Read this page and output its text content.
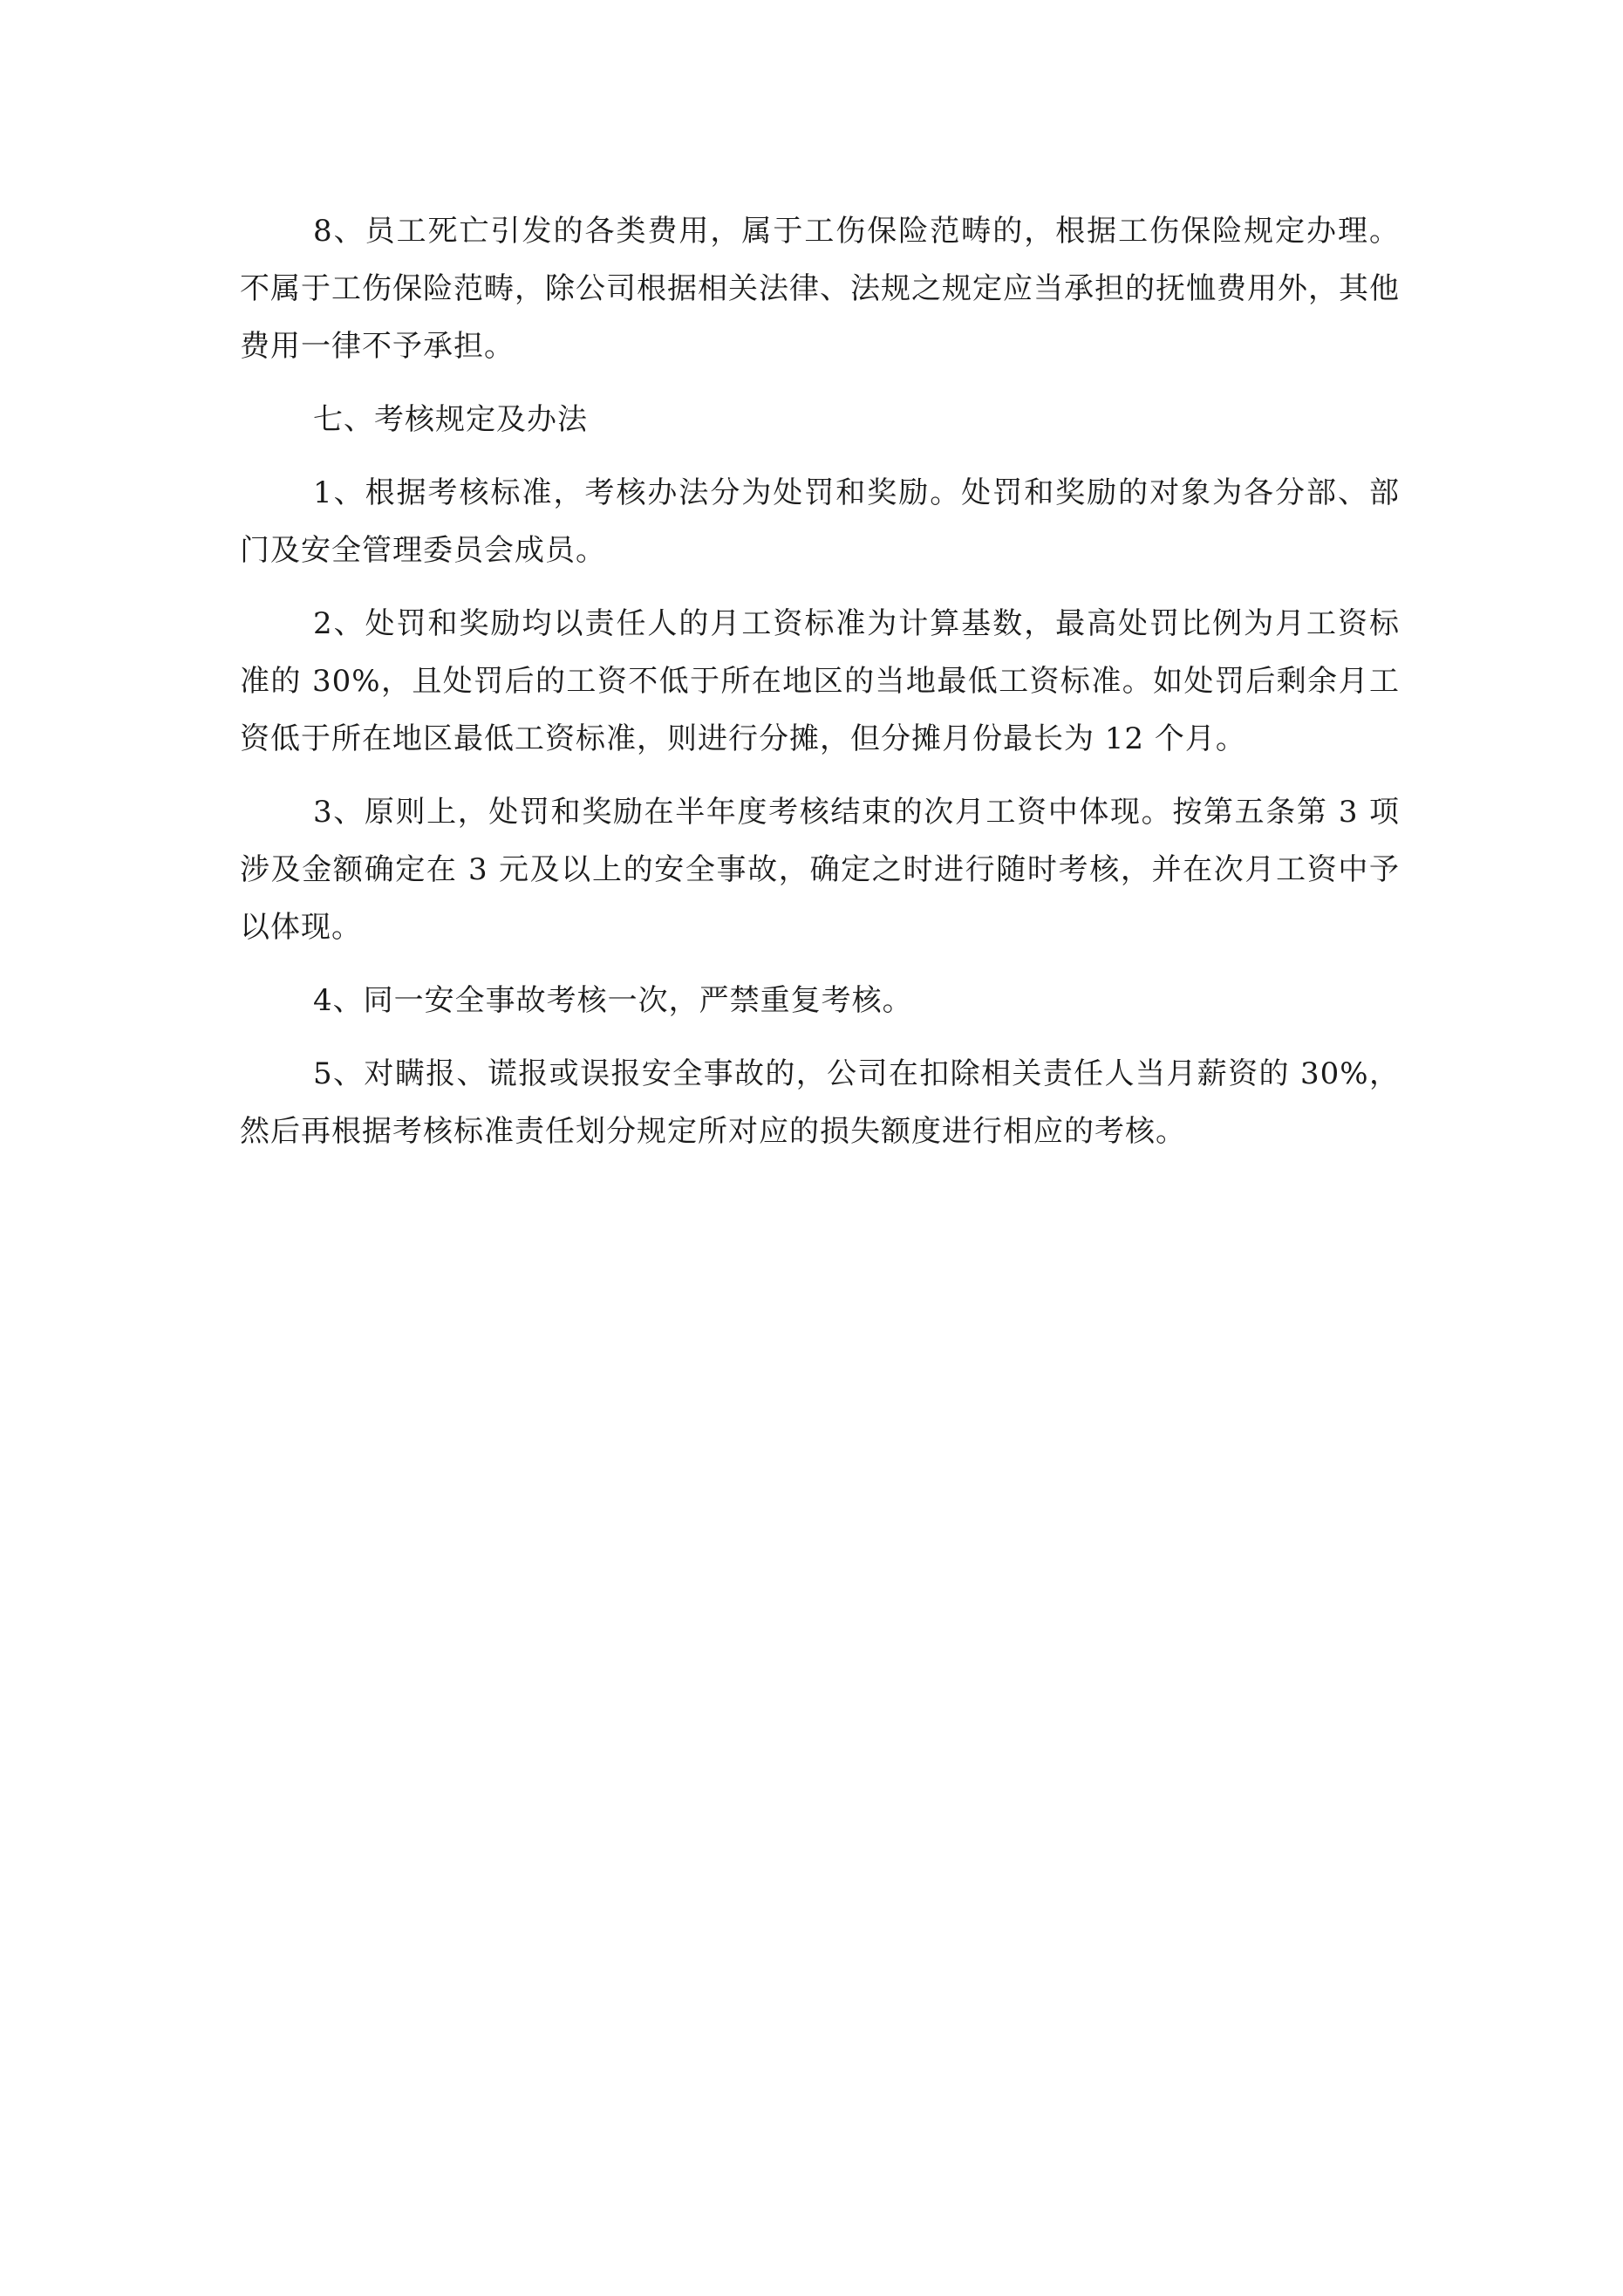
8、员工死亡引发的各类费用，属于工伤保险范畴的，根据工伤保险规定办理。不属于工伤保险范畴，除公司根据相关法律、法规之规定应当承担的抚恤费用外，其他费用一律不予承担。

七、考核规定及办法

1、根据考核标准，考核办法分为处罚和奖励。处罚和奖励的对象为各分部、部门及安全管理委员会成员。

2、处罚和奖励均以责任人的月工资标准为计算基数，最高处罚比例为月工资标准的 30%，且处罚后的工资不低于所在地区的当地最低工资标准。如处罚后剩余月工资低于所在地区最低工资标准，则进行分摊，但分摊月份最长为 12 个月。

3、原则上，处罚和奖励在半年度考核结束的次月工资中体现。按第五条第 3 项涉及金额确定在 3 元及以上的安全事故，确定之时进行随时考核，并在次月工资中予以体现。

4、同一安全事故考核一次，严禁重复考核。

5、对瞒报、谎报或误报安全事故的，公司在扣除相关责任人当月薪资的 30%，然后再根据考核标准责任划分规定所对应的损失额度进行相应的考核。
